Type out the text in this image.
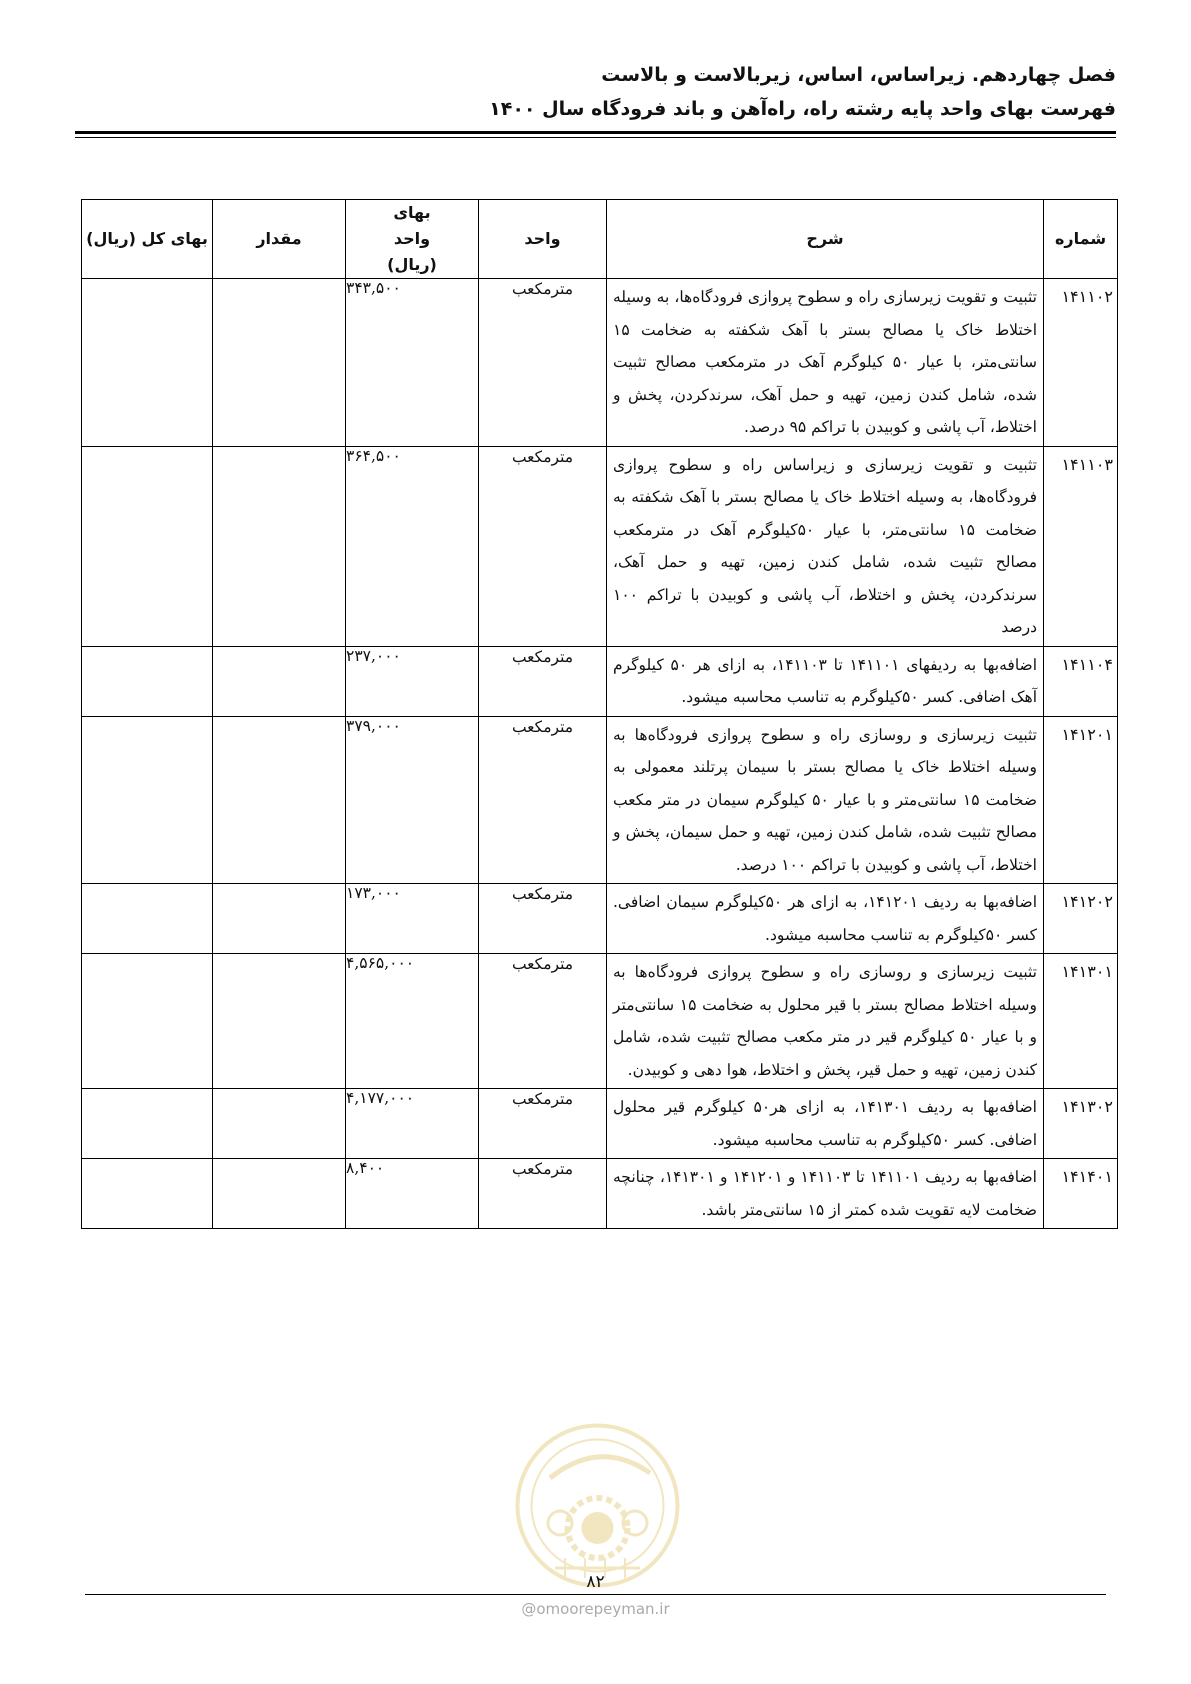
فصل چهاردهم. زیراساس، اساس، زیربالاست و بالاست
فهرست بهای واحد پایه رشته راه، راه‌آهن و باند فرودگاه سال ۱۴۰۰
شماره	شرح	واحد	بهای واحد (ریال)	مقدار	بهای کل (ریال)
۱۴۱۱۰۲	تثبیت و تقویت زیرسازی راه و سطوح پروازی فرودگاه‌ها، به وسیله اختلاط خاک یا مصالح بستر با آهک شکفته به ضخامت ۱۵ سانتی‌متر، با عیار ۵۰ کیلوگرم آهک در مترمکعب مصالح تثبیت شده، شامل کندن زمین، تهیه و حمل آهک، سرندکردن، پخش و اختلاط، آب پاشی و کوبیدن با تراکم ۹۵ درصد.	مترمکعب	۳۴۳,۵۰۰		
۱۴۱۱۰۳	تثبیت و تقویت زیرسازی و زیراساس راه و سطوح پروازی فرودگاه‌ها، به وسیله اختلاط خاک یا مصالح بستر با آهک شکفته به ضخامت ۱۵ سانتی‌متر، با عیار ۵۰کیلوگرم آهک در مترمکعب مصالح تثبیت شده، شامل کندن زمین، تهیه و حمل آهک، سرندکردن، پخش و اختلاط، آب پاشی و کوبیدن با تراکم ۱۰۰ درصد	مترمکعب	۳۶۴,۵۰۰		
۱۴۱۱۰۴	اضافه‌بها به ردیفهای ۱۴۱۱۰۱ تا ۱۴۱۱۰۳، به ازای هر ۵۰ کیلوگرم آهک اضافی. کسر ۵۰کیلوگرم به تناسب محاسبه میشود.	مترمکعب	۲۳۷,۰۰۰		
۱۴۱۲۰۱	تثبیت زیرسازی و روسازی راه و سطوح پروازی فرودگاه‌ها به وسیله اختلاط خاک یا مصالح بستر با سیمان پرتلند معمولی به ضخامت ۱۵ سانتی‌متر و با عیار ۵۰ کیلوگرم سیمان در متر مکعب مصالح تثبیت شده، شامل کندن زمین، تهیه و حمل سیمان، پخش و اختلاط، آب پاشی و کوبیدن با تراکم ۱۰۰ درصد.	مترمکعب	۳۷۹,۰۰۰		
۱۴۱۲۰۲	اضافه‌بها به ردیف ۱۴۱۲۰۱، به ازای هر ۵۰کیلوگرم سیمان اضافی. کسر ۵۰کیلوگرم به تناسب محاسبه میشود.	مترمکعب	۱۷۳,۰۰۰		
۱۴۱۳۰۱	تثبیت زیرسازی و روسازی راه و سطوح پروازی فرودگاه‌ها به وسیله اختلاط مصالح بستر با قیر محلول به ضخامت ۱۵ سانتی‌متر و با عیار ۵۰ کیلوگرم قیر در متر مکعب مصالح تثبیت شده، شامل کندن زمین، تهیه و حمل قیر، پخش و اختلاط، هوا دهی و کوبیدن.	مترمکعب	۴,۵۶۵,۰۰۰		
۱۴۱۳۰۲	اضافه‌بها به ردیف ۱۴۱۳۰۱، به ازای هر۵۰ کیلوگرم قیر محلول اضافی. کسر ۵۰کیلوگرم به تناسب محاسبه میشود.	مترمکعب	۴,۱۷۷,۰۰۰		
۱۴۱۴۰۱	اضافه‌بها به ردیف ۱۴۱۱۰۱ تا ۱۴۱۱۰۳ و ۱۴۱۲۰۱ و ۱۴۱۳۰۱، چنانچه ضخامت لایه تقویت شده کمتر از ۱۵ سانتی‌متر باشد.	مترمکعب	۸,۴۰۰		
۸۲
@omoorepeyman.ir
